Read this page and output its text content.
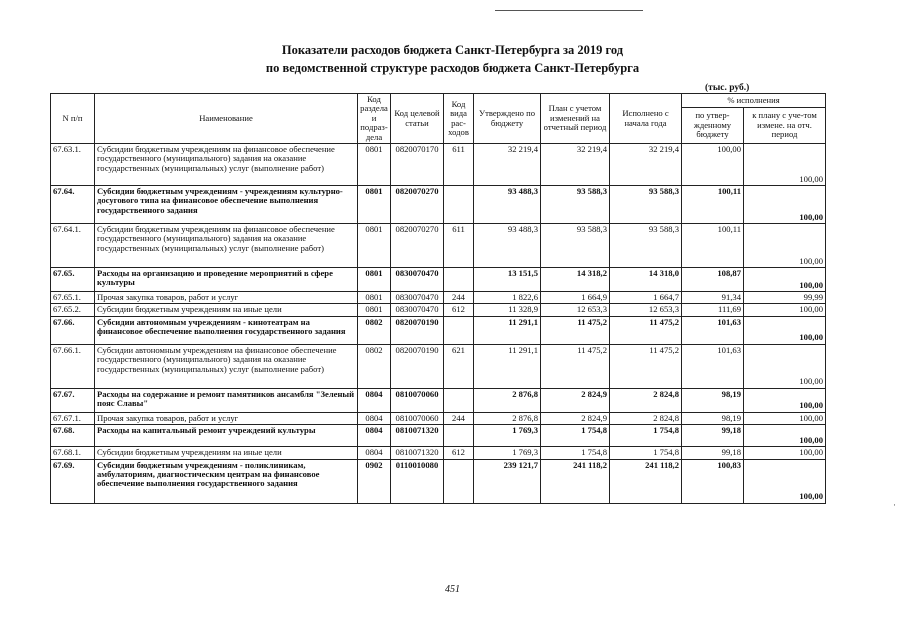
Показатели расходов бюджета Санкт-Петербурга за 2019 год
по ведомственной структуре расходов бюджета Санкт-Петербурга
(тыс. руб.)
N п/п	Наименование	Код раздела и подраз-дела	Код целевой статьи	Код вида рас-ходов	Утверждено по бюджету	План с учетом изменений на отчетный период	Исполнено с начала года	% исполнения	
								по утвер-жденному бюджету	к плану с уче-том измене. на отч. период
67.63.1.	Субсидии бюджетным учреждениям на финансовое обеспечение государственного (муниципального) задания на оказание государственных (муниципальных) услуг (выполнение работ)	0801	0820070170	611	32 219,4	32 219,4	32 219,4	100,00	100,00
67.64.	Субсидии бюджетным учреждениям - учреждениям культурно-досугового типа на финансовое обеспечение выполнения государственного задания	0801	0820070270		93 488,3	93 588,3	93 588,3	100,11	100,00
67.64.1.	Субсидии бюджетным учреждениям на финансовое обеспечение государственного (муниципального) задания на оказание государственных (муниципальных) услуг (выполнение работ)	0801	0820070270	611	93 488,3	93 588,3	93 588,3	100,11	100,00
67.65.	Расходы на организацию и проведение мероприятий в сфере культуры	0801	0830070470		13 151,5	14 318,2	14 318,0	108,87	100,00
67.65.1.	Прочая закупка товаров, работ и услуг	0801	0830070470	244	1 822,6	1 664,9	1 664,7	91,34	99,99
67.65.2.	Субсидии бюджетным учреждениям на иные цели	0801	0830070470	612	11 328,9	12 653,3	12 653,3	111,69	100,00
67.66.	Субсидии автономным учреждениям - кинотеатрам на финансовое обеспечение выполнения государственного задания	0802	0820070190		11 291,1	11 475,2	11 475,2	101,63	100,00
67.66.1.	Субсидии автономным учреждениям на финансовое обеспечение государственного (муниципального) задания на оказание государственных (муниципальных) услуг (выполнение работ)	0802	0820070190	621	11 291,1	11 475,2	11 475,2	101,63	100,00
67.67.	Расходы на содержание и ремонт памятников ансамбля "Зеленый пояс Славы"	0804	0810070060		2 876,8	2 824,9	2 824,8	98,19	100,00
67.67.1.	Прочая закупка товаров, работ и услуг	0804	0810070060	244	2 876,8	2 824,9	2 824,8	98,19	100,00
67.68.	Расходы на капитальный ремонт учреждений культуры	0804	0810071320		1 769,3	1 754,8	1 754,8	99,18	100,00
67.68.1.	Субсидии бюджетным учреждениям на иные цели	0804	0810071320	612	1 769,3	1 754,8	1 754,8	99,18	100,00
67.69.	Субсидии бюджетным учреждениям - поликлиникам, амбулаториям, диагностическим центрам на финансовое обеспечение выполнения государственного задания	0902	0110010080		239 121,7	241 118,2	241 118,2	100,83	100,00
451
·
